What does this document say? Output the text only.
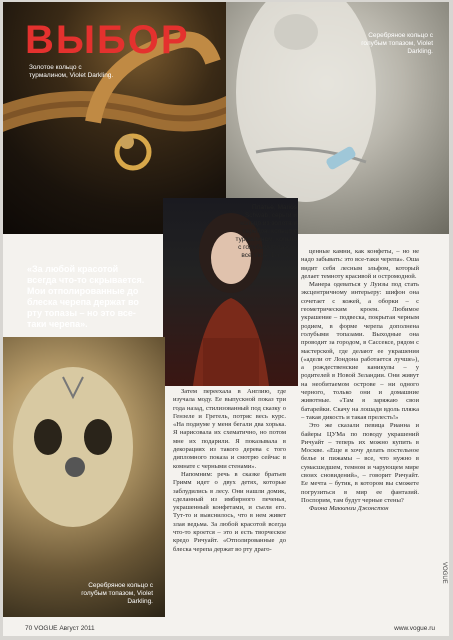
ВЫБОР
Золотое кольцо с турмалином, Violet Darkling.
Серебряное кольцо с голубым топазом, Violet Darkling.
Платье, Marios Schwab; серьги и кольцо из золота и серебра, кольцо с турмалином, кольцо с голубым топазом, все Violet Darkling.
«За любой красотой всегда что-то скрывается. Мои отполированные до блеска черепа держат во рту топазы – но это все-таки черепа».
Серебряное кольцо с голубым топазом, Violet Darkling.

Затем переехала в Англию, где изучала моду. Ее выпускной показ три года назад, стилизованный под сказку о Гензеле и Гретель, потряс весь курс. «На подиуме у меня бегали два хорька. Я нарисовала их схематично, но потом мне их подарили. Я показывала в декорациях из такого дерева с того дипломного показа и смотрю сейчас в комнате с черными стенами».

Напомним: речь в сказке братьев Гримм идет о двух детях, которые заблудились в лесу. Они нашли домик, сделанный из имбирного печенья, украшенный конфетами, и съели его. Тут-то и выяснилось, что в нем живет злая ведьма. За любой красотой всегда что-то кроется – это и есть творческое кредо Ричуайт. «Отполированные до блеска черепа держат во рту драго-

ценные камни, как конфеты, – но не надо забывать: это все-таки черепа». Оша видит себя лесным эльфом, который делает темноту красивой и остромодной.

Манера одеваться у Луизы под стать эксцентричному интерьеру: шифон она сочетает с кожей, а оборки – с геометрическим кроем. Любимое украшение – подвеска, покрытая черным родием, в форме черепа дополнена голубыми топазами. Выходные она проводит за городом, в Сассексе, рядом с мастерской, где делают ее украшения («адели от Лондона работается лучше»), а рождественские каникулы – у родителей в Новой Зеландии. Они живут на необитаемом острове – ни одного черного, только они и домашние животные. «Там я заряжаю свои батарейки. Скачу на лошади вдоль пляжа – такая дикость и такая прелесть!»

Это же сказали певица Рианна и байеры ЦУМа по поводу украшений Ричуайт – теперь их можно купить в Москве. «Еще я хочу делать постельное белье и пижамы – все, что нужно в сумасшедшем, темном и чарующем мире своих сновидений», – говорит Ричуайт. Ее мечта – бутик, в котором вы сможете погрузиться в мир ее фантазий. Поспорим, там будут черные стены?

Фиона Маккензи Джонстон

70 VOGUE Август 2011	www.vogue.ru
VOGUE
